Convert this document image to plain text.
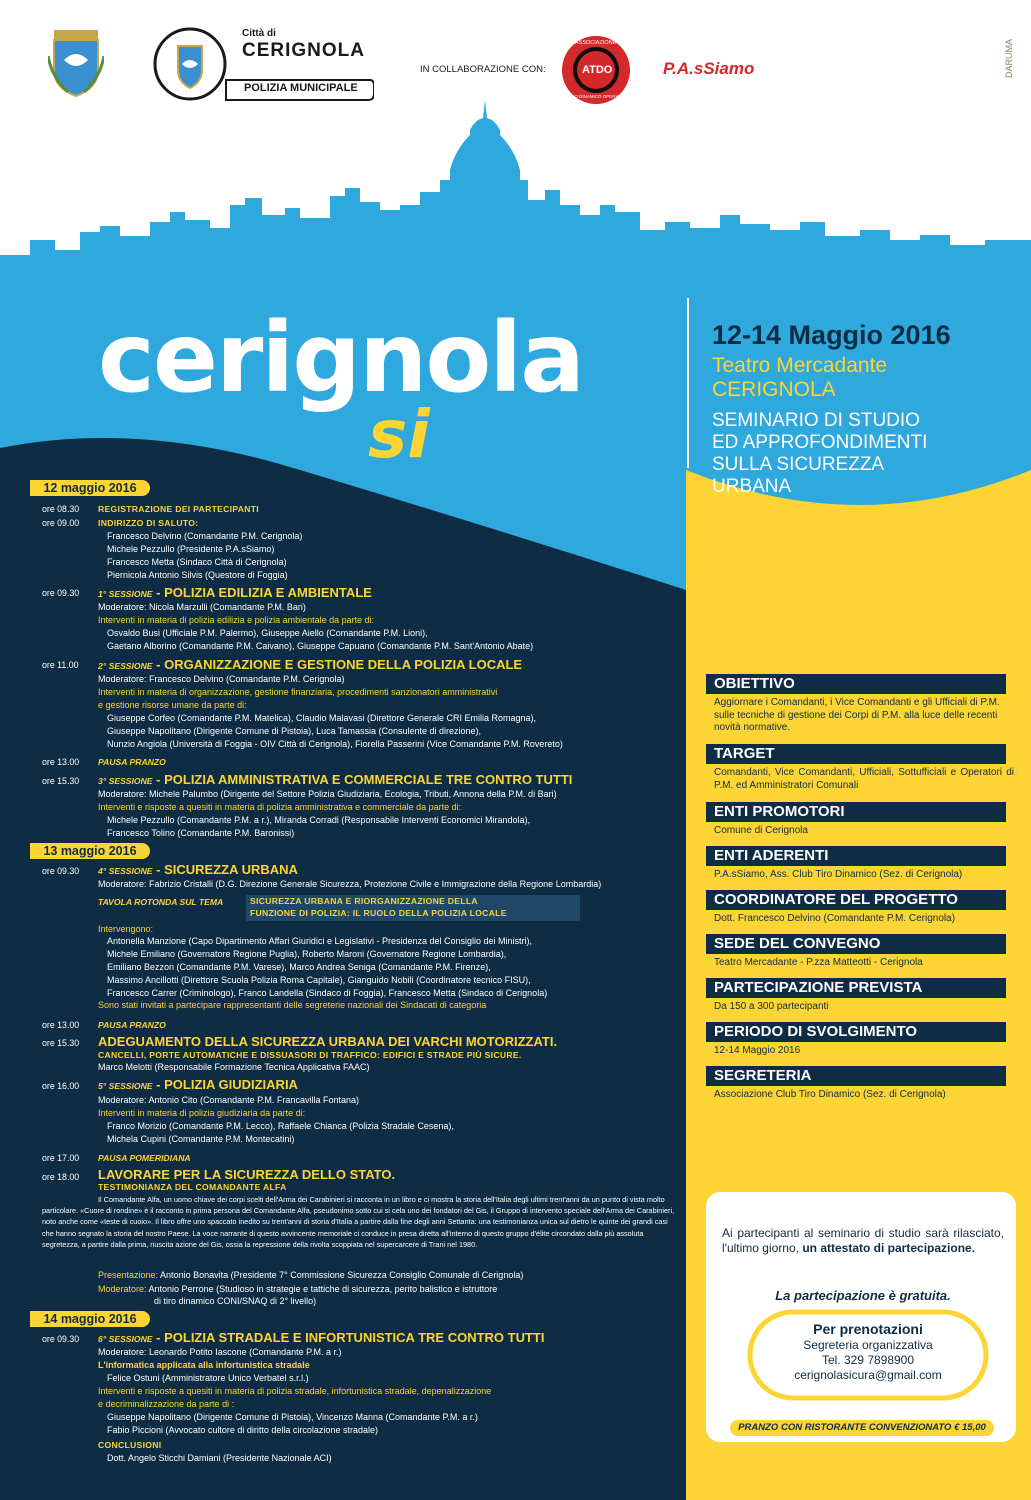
Città di
CERIGNOLA
POLIZIA MUNICIPALE
IN COLLABORAZIONE CON:
ASSOCIAZIONE
ATDO
TIRO DINAMICO OPERATIVO
P.A.sSiamo	DARUMA
cerignola
sicura
12-14 Maggio 2016
Teatro Mercadante
CERIGNOLA
SEMINARIO DI STUDIO
ED APPROFONDIMENTI
SULLA SICUREZZA
URBANA
12 maggio 2016
ore 08.30 REGISTRAZIONE DEI PARTECIPANTI
ore 09.00 INDIRIZZO DI SALUTO:
Francesco Delvino (Comandante P.M. Cerignola)
Michele Pezzullo (Presidente P.A.sSiamo)
Francesco Metta (Sindaco Città di Cerignola)
Piernicola Antonio Silvis (Questore di Foggia)
ore 09.30 1° SESSIONE - POLIZIA EDILIZIA E AMBIENTALE
Moderatore: Nicola Marzulli (Comandante P.M. Bari)
Interventi in materia di polizia edilizia e polizia ambientale da parte di:
Osvaldo Busi (Ufficiale P.M. Palermo), Giuseppe Aiello (Comandante P.M. Lioni),
Gaetano Alborino (Comandante P.M. Caivano), Giuseppe Capuano (Comandante P.M. Sant'Antonio Abate)
ore 11.00 2° SESSIONE - ORGANIZZAZIONE E GESTIONE DELLA POLIZIA LOCALE
Moderatore: Francesco Delvino (Comandante P.M. Cerignola)
Interventi in materia di organizzazione, gestione finanziaria, procedimenti sanzionatori amministrativi
e gestione risorse umane da parte di:
Giuseppe Corfeo (Comandante P.M. Matelica), Claudio Malavasi (Direttore Generale CRI Emilia Romagna),
Giuseppe Napolitano (Dirigente Comune di Pistoia), Luca Tamassia (Consulente di direzione),
Nunzio Angiola (Università di Foggia - OIV Città di Cerignola), Fiorella Passerini (Vice Comandante P.M. Rovereto)
ore 13.00 PAUSA PRANZO
ore 15.30 3° SESSIONE - POLIZIA AMMINISTRATIVA E COMMERCIALE TRE CONTRO TUTTI
Moderatore: Michele Palumbo (Dirigente del Settore Polizia Giudiziaria, Ecologia, Tributi, Annona della P.M. di Bari)
Interventi e risposte a quesiti in materia di polizia amministrativa e commerciale da parte di:
Michele Pezzullo (Comandante P.M. a r.), Miranda Corradi (Responsabile Interventi Economici Mirandola),
Francesco Tolino (Comandante P.M. Baronissi)
13 maggio 2016
ore 09.30 4° SESSIONE - SICUREZZA URBANA
Moderatore: Fabrizio Cristalli (D.G. Direzione Generale Sicurezza, Protezione Civile e Immigrazione della Regione Lombardia)
TAVOLA ROTONDA SUL TEMA	SICUREZZA URBANA E RIORGANIZZAZIONE DELLA
FUNZIONE DI POLIZIA: IL RUOLO DELLA POLIZIA LOCALE
Intervengono:
Antonella Manzione (Capo Dipartimento Affari Giuridici e Legislativi - Presidenza del Consiglio dei Ministri),
Michele Emiliano (Governatore Regione Puglia), Roberto Maroni (Governatore Regione Lombardia),
Emiliano Bezzon (Comandante P.M. Varese), Marco Andrea Seniga (Comandante P.M. Firenze),
Massimo Ancillotti (Direttore Scuola Polizia Roma Capitale), Gianguido Nobili (Coordinatore tecnico FISU),
Francesco Carrer (Criminologo), Franco Landella (Sindaco di Foggia), Francesco Metta (Sindaco di Cerignola)
Sono stati invitati a partecipare rappresentanti delle segreterie nazionali dei Sindacati di categoria
ore 13.00 PAUSA PRANZO
ore 15.30 ADEGUAMENTO DELLA SICUREZZA URBANA DEI VARCHI MOTORIZZATI.
CANCELLI, PORTE AUTOMATICHE E DISSUASORI DI TRAFFICO: EDIFICI E STRADE PIÙ SICURE.
Marco Melotti (Responsabile Formazione Tecnica Applicativa FAAC)
ore 16.00 5° SESSIONE - POLIZIA GIUDIZIARIA
Moderatore: Antonio Cito (Comandante P.M. Francavilla Fontana)
Interventi in materia di polizia giudiziaria da parte di:
Franco Morizio (Comandante P.M. Lecco), Raffaele Chianca (Polizia Stradale Cesena),
Michela Cupini (Comandante P.M. Montecatini)
ore 17.00 PAUSA POMERIDIANA
ore 18.00 LAVORARE PER LA SICUREZZA DELLO STATO.
TESTIMONIANZA DEL COMANDANTE ALFA
Il Comandante Alfa, un uomo chiave dei corpi scelti dell'Arma dei Carabinieri si racconta in un libro e ci mostra la storia dell'Italia degli ultimi trent'anni da un punto di vista molto particolare. «Cuore di rondine» è il racconto in prima persona del Comandante Alfa, pseudonimo sotto cui si cela uno dei fondatori del Gis, il Gruppo di intervento speciale dell'Arma dei Carabinieri, noto anche come «teste di cuoio». Il libro offre uno spaccato inedito su trent'anni di storia d'Italia a partire dalla fine degli anni Settanta: una testimonianza unica sul dietro le quinte dei grandi casi che hanno segnato la storia del nostro Paese. La voce narrante di questo avvincente memoriale ci conduce in presa diretta all'interno di questo gruppo d'élite circondato dalla più assoluta segretezza, a partire dalla prima, riuscita azione del Gis, ossia la repressione della rivolta scoppiata nel supercarcere di Trani nel 1980.
Presentazione: Antonio Bonavita (Presidente 7° Commissione Sicurezza Consiglio Comunale di Cerignola)
Moderatore: Antonio Perrone (Studioso in strategie e tattiche di sicurezza, perito balistico e istruttore
di tiro dinamico CONI/SNAQ di 2° livello)
14 maggio 2016
ore 09.30 6° SESSIONE - POLIZIA STRADALE E INFORTUNISTICA TRE CONTRO TUTTI
Moderatore: Leonardo Potito Iascone (Comandante P.M. a r.)
L'informatica applicata alla infortunistica stradale
Felice Ostuni (Amministratore Unico Verbatel s.r.l.)
Interventi e risposte a quesiti in materia di polizia stradale, infortunistica stradale, depenalizzazione
e decriminalizzazione da parte di :
Giuseppe Napolitano (Dirigente Comune di Pistoia), Vincenzo Manna (Comandante P.M. a r.)
Fabio Piccioni (Avvocato cultore di diritto della circolazione stradale)
CONCLUSIONI
Dott. Angelo Sticchi Damiani (Presidente Nazionale ACI)
OBIETTIVO
Aggiornare i Comandanti, i Vice Comandanti e gli Ufficiali di P.M. sulle tecniche di gestione dei Corpi di P.M. alla luce delle recenti novità normative.
TARGET
Comandanti, Vice Comandanti, Ufficiali, Sottufficiali e Operatori di P.M. ed Amministratori Comunali
ENTI PROMOTORI
Comune di Cerignola
ENTI ADERENTI
P.A.sSiamo, Ass. Club Tiro Dinamico (Sez. di Cerignola)
COORDINATORE DEL PROGETTO
Dott. Francesco Delvino (Comandante P.M. Cerignola)
SEDE DEL CONVEGNO
Teatro Mercadante - P.zza Matteotti - Cerignola
PARTECIPAZIONE PREVISTA
Da 150 a 300 partecipanti
PERIODO DI SVOLGIMENTO
12-14 Maggio 2016
SEGRETERIA
Associazione Club Tiro Dinamico (Sez. di Cerignola)
Ai partecipanti al seminario di studio sarà rilasciato, l'ultimo giorno, un attestato di partecipazione.
La partecipazione è gratuita.
Per prenotazioni
Segreteria organizzativa
Tel. 329 7898900
cerignolasicura@gmail.com
PRANZO CON RISTORANTE CONVENZIONATO € 15,00
